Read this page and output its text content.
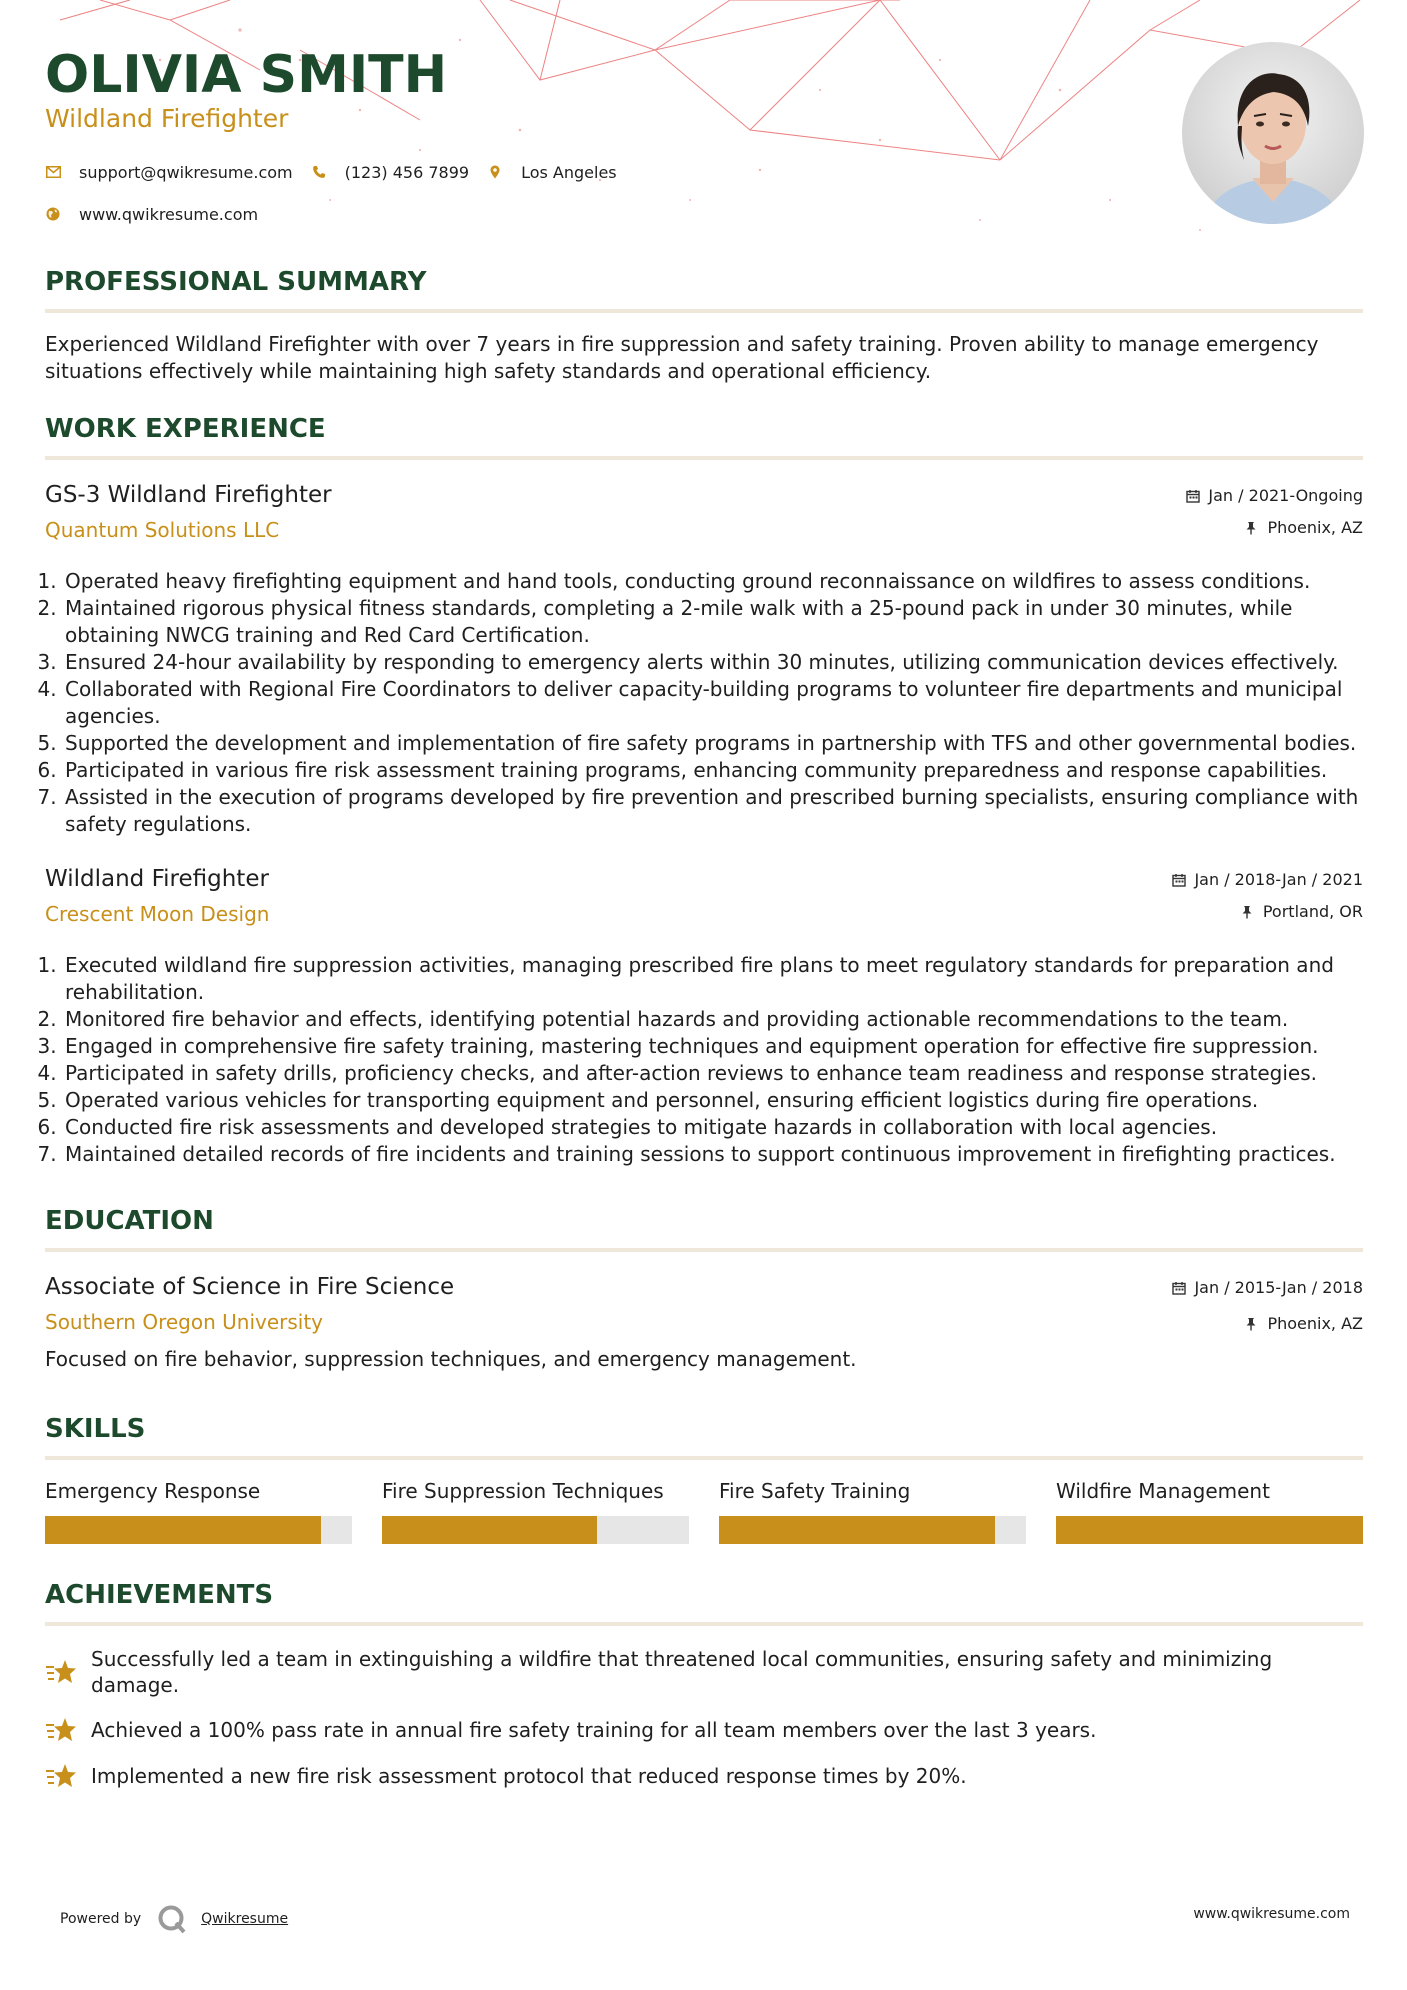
OLIVIA SMITH
Wildland Firefighter
support@qwikresume.com	(123) 456 7899	Los Angeles
www.qwikresume.com
PROFESSIONAL SUMMARY
Experienced Wildland Firefighter with over 7 years in fire suppression and safety training. Proven ability to manage emergency situations effectively while maintaining high safety standards and operational efficiency.
WORK EXPERIENCE
GS-3 Wildland Firefighter
Quantum Solutions LLC
Jan / 2021-Ongoing
Phoenix, AZ
1. Operated heavy firefighting equipment and hand tools, conducting ground reconnaissance on wildfires to assess conditions.
2. Maintained rigorous physical fitness standards, completing a 2-mile walk with a 25-pound pack in under 30 minutes, while obtaining NWCG training and Red Card Certification.
3. Ensured 24-hour availability by responding to emergency alerts within 30 minutes, utilizing communication devices effectively.
4. Collaborated with Regional Fire Coordinators to deliver capacity-building programs to volunteer fire departments and municipal agencies.
5. Supported the development and implementation of fire safety programs in partnership with TFS and other governmental bodies.
6. Participated in various fire risk assessment training programs, enhancing community preparedness and response capabilities.
7. Assisted in the execution of programs developed by fire prevention and prescribed burning specialists, ensuring compliance with safety regulations.
Wildland Firefighter
Crescent Moon Design
Jan / 2018-Jan / 2021
Portland, OR
1. Executed wildland fire suppression activities, managing prescribed fire plans to meet regulatory standards for preparation and rehabilitation.
2. Monitored fire behavior and effects, identifying potential hazards and providing actionable recommendations to the team.
3. Engaged in comprehensive fire safety training, mastering techniques and equipment operation for effective fire suppression.
4. Participated in safety drills, proficiency checks, and after-action reviews to enhance team readiness and response strategies.
5. Operated various vehicles for transporting equipment and personnel, ensuring efficient logistics during fire operations.
6. Conducted fire risk assessments and developed strategies to mitigate hazards in collaboration with local agencies.
7. Maintained detailed records of fire incidents and training sessions to support continuous improvement in firefighting practices.
EDUCATION
Associate of Science in Fire Science
Southern Oregon University
Jan / 2015-Jan / 2018
Phoenix, AZ
Focused on fire behavior, suppression techniques, and emergency management.
SKILLS
Emergency Response	Fire Suppression Techniques	Fire Safety Training	Wildfire Management
ACHIEVEMENTS
Successfully led a team in extinguishing a wildfire that threatened local communities, ensuring safety and minimizing damage.
Achieved a 100% pass rate in annual fire safety training for all team members over the last 3 years.
Implemented a new fire risk assessment protocol that reduced response times by 20%.
Powered by	Qwikresume	www.qwikresume.com
